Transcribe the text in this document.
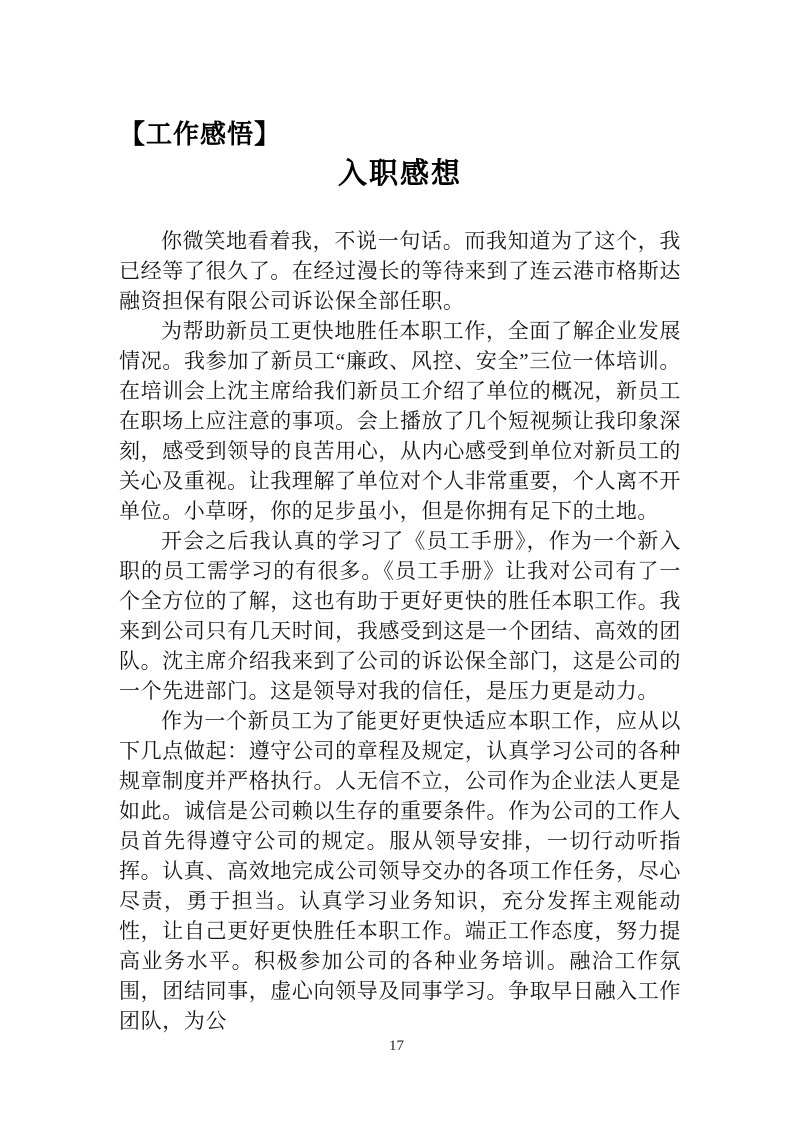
【工作感悟】
入职感想

你微笑地看着我，不说一句话。而我知道为了这个，我已经等了很久了。在经过漫长的等待来到了连云港市格斯达融资担保有限公司诉讼保全部任职。

为帮助新员工更快地胜任本职工作，全面了解企业发展情况。我参加了新员工“廉政、风控、安全”三位一体培训。在培训会上沈主席给我们新员工介绍了单位的概况，新员工在职场上应注意的事项。会上播放了几个短视频让我印象深刻，感受到领导的良苦用心，从内心感受到单位对新员工的关心及重视。让我理解了单位对个人非常重要，个人离不开单位。小草呀，你的足步虽小，但是你拥有足下的土地。

开会之后我认真的学习了《员工手册》，作为一个新入职的员工需学习的有很多。《员工手册》让我对公司有了一个全方位的了解，这也有助于更好更快的胜任本职工作。我来到公司只有几天时间，我感受到这是一个团结、高效的团队。沈主席介绍我来到了公司的诉讼保全部门，这是公司的一个先进部门。这是领导对我的信任，是压力更是动力。

作为一个新员工为了能更好更快适应本职工作，应从以下几点做起：遵守公司的章程及规定，认真学习公司的各种规章制度并严格执行。人无信不立，公司作为企业法人更是如此。诚信是公司赖以生存的重要条件。作为公司的工作人员首先得遵守公司的规定。服从领导安排，一切行动听指挥。认真、高效地完成公司领导交办的各项工作任务，尽心尽责，勇于担当。认真学习业务知识，充分发挥主观能动性，让自己更好更快胜任本职工作。端正工作态度，努力提高业务水平。积极参加公司的各种业务培训。融洽工作氛围，团结同事，虚心向领导及同事学习。争取早日融入工作团队，为公

17
